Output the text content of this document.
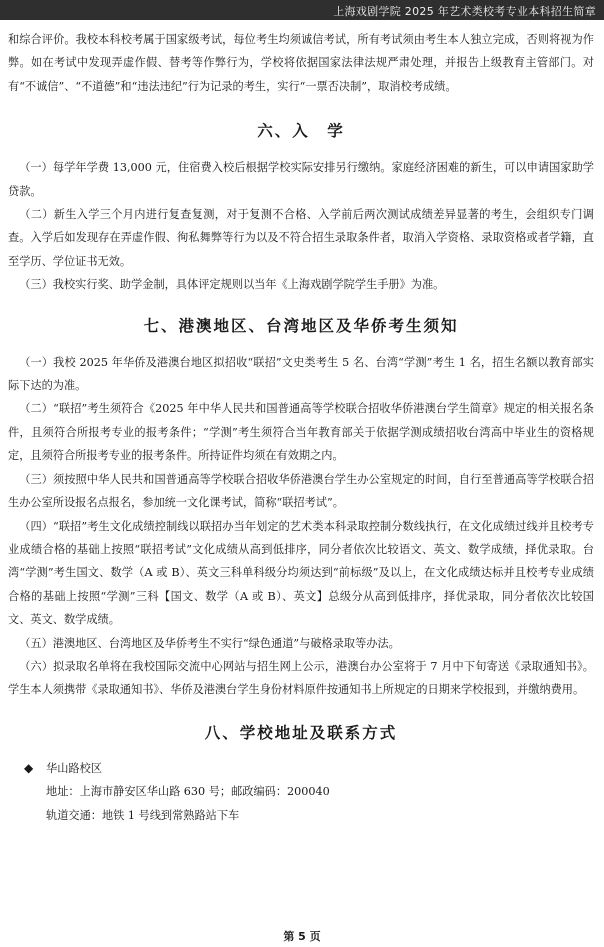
上海戏剧学院 2025 年艺术类校考专业本科招生简章

和综合评价。我校本科校考属于国家级考试，每位考生均须诚信考试，所有考试须由考生本人独立完成，否则将视为作弊。如在考试中发现弄虚作假、替考等作弊行为，学校将依据国家法律法规严肃处理，并报告上级教育主管部门。对有“不诚信”、“不道德”和“违法违纪”行为记录的考生，实行“一票否决制”，取消校考成绩。

六、入　学

（一）每学年学费 13,000 元，住宿费入校后根据学校实际安排另行缴纳。家庭经济困难的新生，可以申请国家助学贷款。

（二）新生入学三个月内进行复查复测，对于复测不合格、入学前后两次测试成绩差异显著的考生，会组织专门调查。入学后如发现存在弄虚作假、徇私舞弊等行为以及不符合招生录取条件者，取消入学资格、录取资格或者学籍，直至学历、学位证书无效。

（三）我校实行奖、助学金制，具体评定规则以当年《上海戏剧学院学生手册》为准。

七、港澳地区、台湾地区及华侨考生须知

（一）我校 2025 年华侨及港澳台地区拟招收“联招”文史类考生 5 名、台湾“学测”考生 1 名，招生名额以教育部实际下达的为准。

（二）“联招”考生须符合《2025 年中华人民共和国普通高等学校联合招收华侨港澳台学生简章》规定的相关报名条件，且须符合所报考专业的报考条件；“学测”考生须符合当年教育部关于依据学测成绩招收台湾高中毕业生的资格规定，且须符合所报考专业的报考条件。所持证件均须在有效期之内。

（三）须按照中华人民共和国普通高等学校联合招收华侨港澳台学生办公室规定的时间，自行至普通高等学校联合招生办公室所设报名点报名，参加统一文化课考试，简称“联招考试”。

（四）“联招”考生文化成绩控制线以联招办当年划定的艺术类本科录取控制分数线执行，在文化成绩过线并且校考专业成绩合格的基础上按照“联招考试”文化成绩从高到低排序，同分者依次比较语文、英文、数学成绩，择优录取。台湾“学测”考生国文、数学（A 或 B）、英文三科单科级分均须达到“前标级”及以上，在文化成绩达标并且校考专业成绩合格的基础上按照“学测”三科【国文、数学（A 或 B）、英文】总级分从高到低排序，择优录取，同分者依次比较国文、英文、数学成绩。

（五）港澳地区、台湾地区及华侨考生不实行“绿色通道”与破格录取等办法。

（六）拟录取名单将在我校国际交流中心网站与招生网上公示，港澳台办公室将于 7 月中下旬寄送《录取通知书》。学生本人须携带《录取通知书》、华侨及港澳台学生身份材料原件按通知书上所规定的日期来学校报到，并缴纳费用。

八、学校地址及联系方式
◆ 华山路校区
地址：上海市静安区华山路 630 号；邮政编码：200040
轨道交通：地铁 1 号线到常熟路站下车
第 5 页
